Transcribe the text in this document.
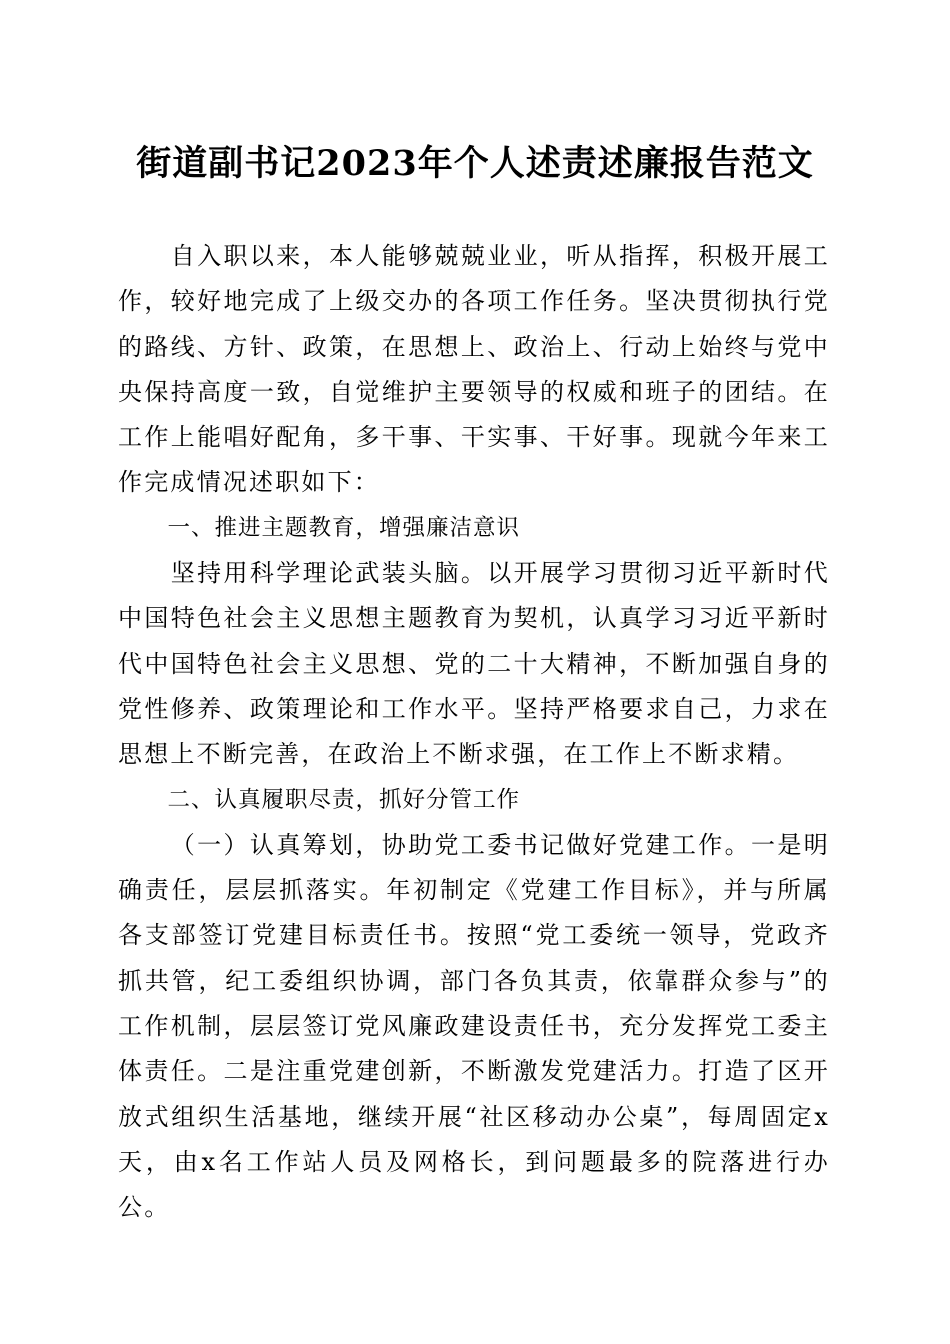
街道副书记2023年个人述责述廉报告范文

自入职以来，本人能够兢兢业业，听从指挥，积极开展工作，较好地完成了上级交办的各项工作任务。坚决贯彻执行党的路线、方针、政策，在思想上、政治上、行动上始终与党中央保持高度一致，自觉维护主要领导的权威和班子的团结。在工作上能唱好配角，多干事、干实事、干好事。现就今年来工作完成情况述职如下：

一、推进主题教育，增强廉洁意识

坚持用科学理论武装头脑。以开展学习贯彻习近平新时代中国特色社会主义思想主题教育为契机，认真学习习近平新时代中国特色社会主义思想、党的二十大精神，不断加强自身的党性修养、政策理论和工作水平。坚持严格要求自己，力求在思想上不断完善，在政治上不断求强，在工作上不断求精。

二、认真履职尽责，抓好分管工作

（一）认真筹划，协助党工委书记做好党建工作。一是明确责任，层层抓落实。年初制定《党建工作目标》，并与所属各支部签订党建目标责任书。按照“党工委统一领导，党政齐抓共管，纪工委组织协调，部门各负其责，依靠群众参与”的工作机制，层层签订党风廉政建设责任书，充分发挥党工委主体责任。二是注重党建创新，不断激发党建活力。打造了区开放式组织生活基地，继续开展“社区移动办公桌”，每周固定x天，由x名工作站人员及网格长，到问题最多的院落进行办公。
